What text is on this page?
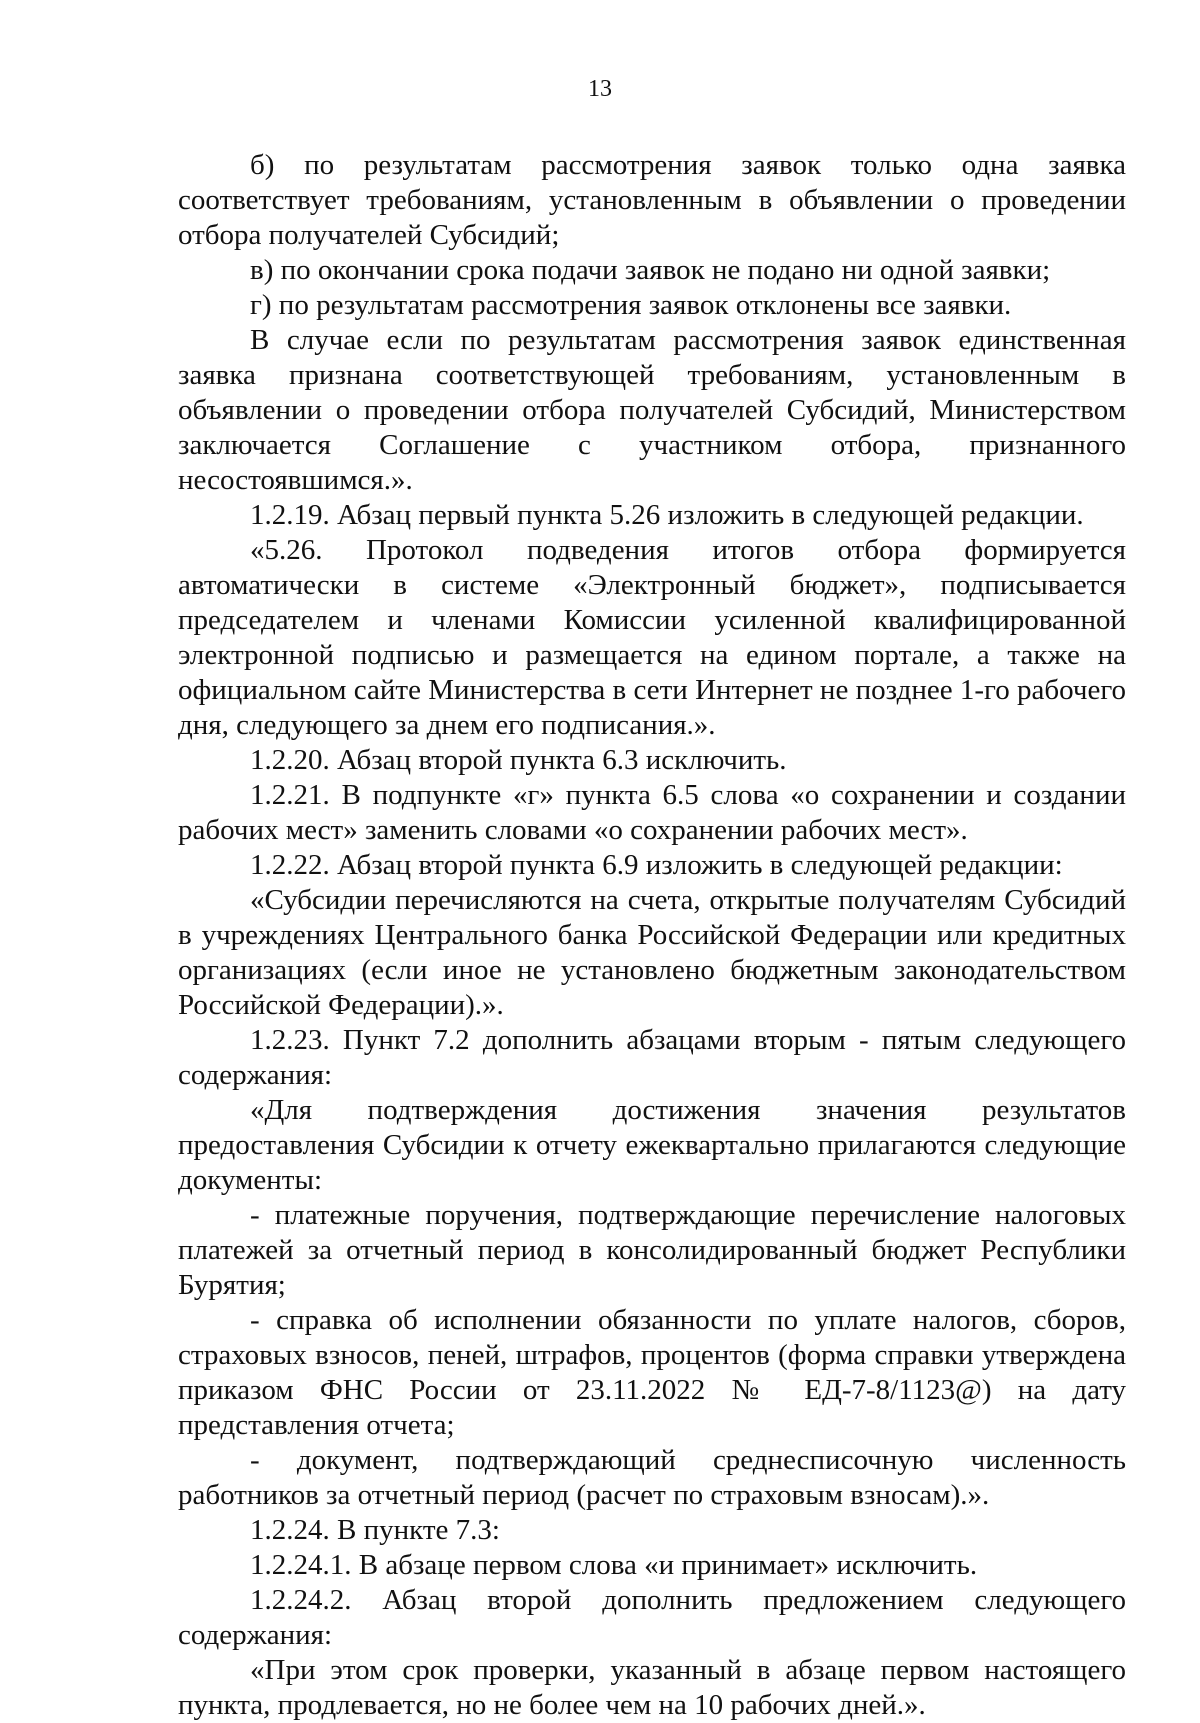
13

б) по результатам рассмотрения заявок только одна заявка соответствует требованиям, установленным в объявлении о проведении отбора получателей Субсидий;

в) по окончании срока подачи заявок не подано ни одной заявки;

г) по результатам рассмотрения заявок отклонены все заявки.

В случае если по результатам рассмотрения заявок единственная заявка признана соответствующей требованиям, установленным в объявлении о проведении отбора получателей Субсидий, Министерством заключается Соглашение с участником отбора, признанного несостоявшимся.».

1.2.19. Абзац первый пункта 5.26 изложить в следующей редакции.

«5.26. Протокол подведения итогов отбора формируется автоматически в системе «Электронный бюджет», подписывается председателем и членами Комиссии усиленной квалифицированной электронной подписью и размещается на едином портале, а также на официальном сайте Министерства в сети Интернет не позднее 1-го рабочего дня, следующего за днем его подписания.».

1.2.20. Абзац второй пункта 6.3 исключить.

1.2.21. В подпункте «г» пункта 6.5 слова «о сохранении и создании рабочих мест» заменить словами «о сохранении рабочих мест».

1.2.22. Абзац второй пункта 6.9 изложить в следующей редакции:

«Субсидии перечисляются на счета, открытые получателям Субсидий в учреждениях Центрального банка Российской Федерации или кредитных организациях (если иное не установлено бюджетным законодательством Российской Федерации).».

1.2.23. Пункт 7.2 дополнить абзацами вторым - пятым следующего содержания:

«Для подтверждения достижения значения результатов предоставления Субсидии к отчету ежеквартально прилагаются следующие документы:

- платежные поручения, подтверждающие перечисление налоговых платежей за отчетный период в консолидированный бюджет Республики Бурятия;

- справка об исполнении обязанности по уплате налогов, сборов, страховых взносов, пеней, штрафов, процентов (форма справки утверждена приказом ФНС России от 23.11.2022 № ЕД-7-8/1123@) на дату представления отчета;

- документ, подтверждающий среднесписочную численность работников за отчетный период (расчет по страховым взносам).».

1.2.24. В пункте 7.3:

1.2.24.1. В абзаце первом слова «и принимает» исключить.

1.2.24.2. Абзац второй дополнить предложением следующего содержания:

«При этом срок проверки, указанный в абзаце первом настоящего пункта, продлевается, но не более чем на 10 рабочих дней.».
